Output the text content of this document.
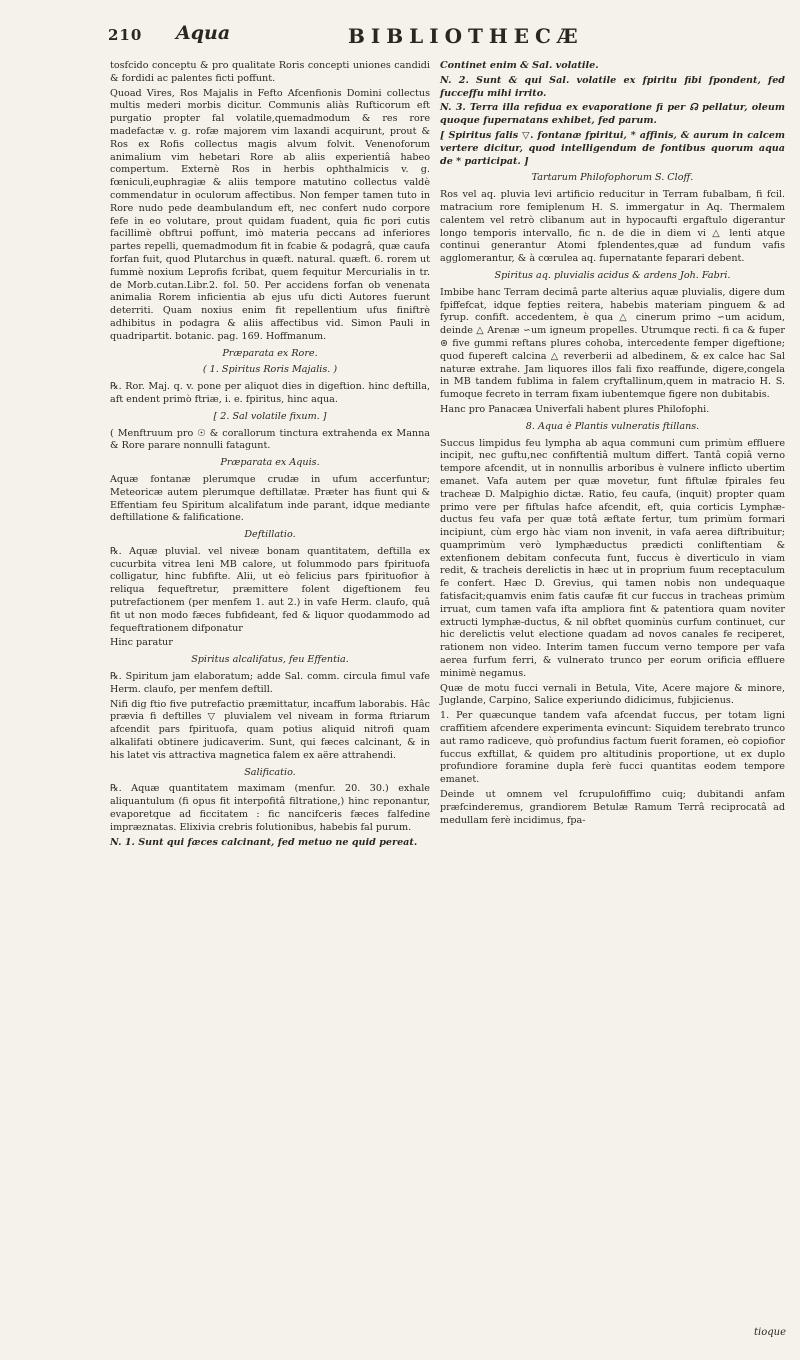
210 Aqua	BIBLIOTHECÆ

tosfcido conceptu & pro qualitate Roris concepti uniones candidi & fordidi ac palentes ficti poffunt.

Quoad Vires, Ros Majalis in Fefto Afcenfionis Domini collectus multis mederi morbis dicitur. Communis aliàs Rufticorum eft purgatio propter fal volatile,quemadmodum & res rore madefactæ v. g. rofæ majorem vim laxandi acquirunt, prout & Ros ex Rofis collectus magis alvum folvit. Venenoforum animalium vim hebetari Rore ab aliis experientiâ habeo compertum. Externè Ros in herbis ophthalmicis v. g. fœniculi,euphragiæ & aliis tempore matutino collectus valdè commendatur in oculorum affectibus. Non femper tamen tuto in Rore nudo pede deambulandum eft, nec confert nudo corpore fefe in eo volutare, prout quidam fuadent, quia fic pori cutis facillimè obftrui poffunt, imò materia peccans ad inferiores partes repelli, quemadmodum fit in fcabie & podagrâ, quæ caufa forfan fuit, quod Plutarchus in quæft. natural. quæft. 6. rorem ut fummè noxium Leprofis fcribat, quem fequitur Mercurialis in tr. de Morb.cutan.Libr.2. fol. 50. Per accidens forfan ob venenata animalia Rorem inficientia ab ejus ufu dicti Autores fuerunt deterriti. Quam noxius enim fit repellentium ufus finiftrè adhibitus in podagra & aliis affectibus vid. Simon Pauli in quadripartit. botanic. pag. 169. Hoffmanum.

Præparata ex Rore.

( 1. Spiritus Roris Majalis. )

℞. Ror. Maj. q. v. pone per aliquot dies in digeftion. hinc deftilla, aft endent primò ftriæ, i. e. fpiritus, hinc aqua.

[ 2. Sal volatile fixum. ]

( Menftruum pro ☉ & corallorum tinctura extrahenda ex Manna & Rore parare nonnulli fatagunt.

Præparata ex Aquis.

Aquæ fontanæ plerumque crudæ in ufum accerfuntur; Meteoricæ autem plerumque deftillatæ. Præter has fiunt qui & Effentiam feu Spiritum alcalifatum inde parant, idque mediante deftillatione & falificatione.

Deftillatio.

℞. Aquæ pluvial. vel niveæ bonam quantitatem, deftilla ex cucurbita vitrea leni MB calore, ut folummodo pars fpirituofa colligatur, hinc fubfifte. Alii, ut eò felicius pars fpirituofior à reliqua fequeftretur, præmittere folent digeftionem feu putrefactionem (per menfem 1. aut 2.) in vafe Herm. claufo, quâ fit ut non modo fæces fubfideant, fed & liquor quodammodo ad fequeftrationem difponatur

Hinc paratur

Spiritus alcalifatus, feu Effentia.

℞. Spiritum jam elaboratum; adde Sal. comm. circula fimul vafe Herm. claufo, per menfem deftill.

Nifi dig ftio five putrefactio præmittatur, incaffum laborabis. Hâc prævia fi deftilles ▽ pluvialem vel niveam in forma ftriarum afcendit pars fpirituofa, quam potius aliquid nitrofi quam alkalifati obtinere judicaverim. Sunt, qui fæces calcinant, & in his latet vis attractiva magnetica falem ex aëre attrahendi.

Salificatio.

℞. Aquæ quantitatem maximam (menfur. 20. 30.) exhale aliquantulum (fi opus fit interpofitâ filtratione,) hinc reponantur, evaporetque ad ficcitatem : fic nancifceris fæces falfedine impræznatas. Elixivia crebris folutionibus, habebis fal purum.

N. 1. Sunt qui fæces calcinant, fed metuo ne quid pereat.

Continet enim & Sal. volatile.

N. 2. Sunt & qui Sal. volatile ex fpiritu fibi fpondent, fed fucceffu mihi irrito.

N. 3. Terra illa refidua ex evaporatione fi per ☊ pellatur, oleum quoque fupernatans exhibet, fed parum.

[ Spiritus falis ▽. fontanæ fpiritui, * affinis, & aurum in calcem vertere dicitur, quod intelligendum de fontibus quorum aqua de * participat. ]

Tartarum Philofophorum S. Cloff.

Ros vel aq. pluvia levi artificio reducitur in Terram fubalbam, fi fcil. matracium rore femiplenum H. S. immergatur in Aq. Thermalem calentem vel retrò clibanum aut in hypocaufti ergaftulo digerantur longo temporis intervallo, fic n. de die in diem vi △ lenti atque continui generantur Atomi fplendentes,quæ ad fundum vafis agglomerantur, & à cœrulea aq. fupernatante feparari debent.

Spiritus aq. pluvialis acidus & ardens Joh. Fabri.

Imbibe hanc Terram decimâ parte alterius aquæ pluvialis, digere dum fpiffefcat, idque fepties reitera, habebis materiam pinguem & ad fyrup. confift. accedentem, è qua △ cinerum primo ∽um acidum, deinde △ Arenæ ∽um igneum propelles. Utrumque recti. fi ca & fuper ⊚ five gummi reftans plures cohoba, intercedente femper digeftione; quod fupereft calcina △ reverberii ad albedinem, & ex calce hac Sal naturæ extrahe. Jam liquores illos fali fixo reaffunde, digere,congela in MB tandem fublima in falem cryftallinum,quem in matracio H. S. fumoque fecreto in terram fixam iubentemque figere non dubitabis.

Hanc pro Panacæa Univerfali habent plures Philofophi.

8. Aqua è Plantis vulneratis ftillans.

Succus limpidus feu lympha ab aqua communi cum primùm effluere incipit, nec guftu,nec confiftentiâ multum differt. Tantâ copiâ verno tempore afcendit, ut in nonnullis arboribus è vulnere inflicto ubertim emanet. Vafa autem per quæ movetur, funt fiftulæ fpirales feu tracheæ D. Malpighio dictæ. Ratio, feu caufa, (inquit) propter quam primo vere per fiftulas hafce afcendit, eft, quia corticis Lymphæ-ductus feu vafa per quæ totâ æftate fertur, tum primùm formari incipiunt, cùm ergo hàc viam non invenit, in vafa aerea diftribuitur; quamprimùm verò lymphæductus prædicti conliftentiam & extenfionem debitam confecuta funt, fuccus è diverticulo in viam redit, & tracheis derelictis in hæc ut in proprium fuum receptaculum fe confert. Hæc D. Grevius, qui tamen nobis non undequaque fatisfacit;quamvis enim fatis caufæ fit cur fuccus in tracheas primùm irruat, cum tamen vafa ifta ampliora fint & patentiora quam noviter extructi lymphæ-ductus, & nil obftet quominùs curfum continuet, cur hic derelictis velut electione quadam ad novos canales fe reciperet, rationem non video. Interim tamen fuccum verno tempore per vafa aerea furfum ferri, & vulnerato trunco per eorum orificia effluere minimè negamus.

Quæ de motu fucci vernali in Betula, Vite, Acere majore & minore, Juglande, Carpino, Salice experiundo didicimus, fubjicienus.

1. Per quæcunque tandem vafa afcendat fuccus, per totam ligni craffitiem afcendere experimenta evincunt: Siquidem terebrato trunco aut ramo radiceve, quò profundius factum fuerit foramen, eò copiofior fuccus exftillat, & quidem pro altitudinis proportione, ut ex duplo profundiore foramine dupla ferè fucci quantitas eodem tempore emanet.

Deinde ut omnem vel fcrupulofiffimo cuiq; dubitandi anfam præfcinderemus, grandiorem Betulæ Ramum Terrâ reciprocatâ ad medullam ferè incidimus, fpa-

tioque
